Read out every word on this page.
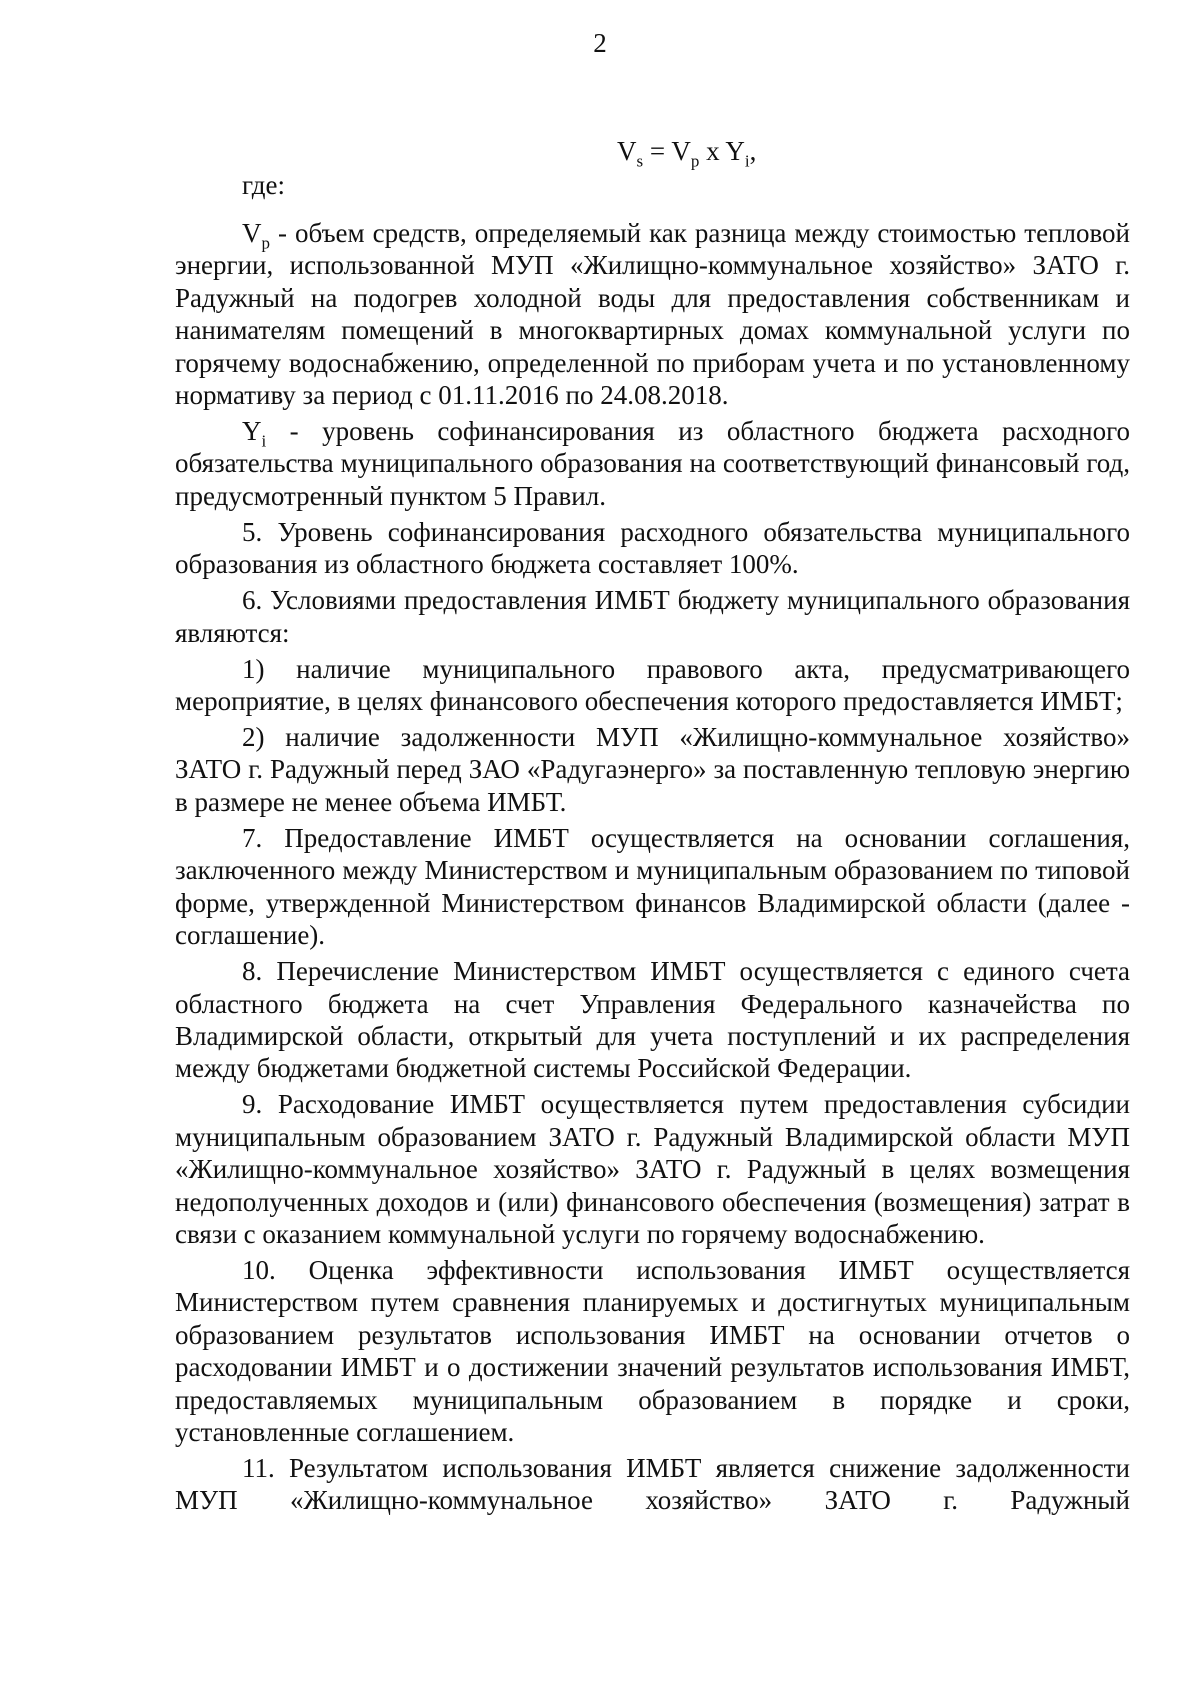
2
$V_s = V_p$ x $Y_i$,
где:

$V_p$ - объем средств, определяемый как разница между стоимостью тепловой энергии, использованной МУП «Жилищно-коммунальное хозяйство» ЗАТО г. Радужный на подогрев холодной воды для предоставления собственникам и нанимателям помещений в многоквартирных домах коммунальной услуги по горячему водоснабжению, определенной по приборам учета и по установленному нормативу за период с 01.11.2016 по 24.08.2018.

$Y_i$ - уровень софинансирования из областного бюджета расходного обязательства муниципального образования на соответствующий финансовый год, предусмотренный пунктом 5 Правил.

5. Уровень софинансирования расходного обязательства муниципального образования из областного бюджета составляет 100%.

6. Условиями предоставления ИМБТ бюджету муниципального образования являются:

1) наличие муниципального правового акта, предусматривающего мероприятие, в целях финансового обеспечения которого предоставляется ИМБТ;

2) наличие задолженности МУП «Жилищно-коммунальное хозяйство» ЗАТО г. Радужный перед ЗАО «Радугаэнерго» за поставленную тепловую энергию в размере не менее объема ИМБТ.

7. Предоставление ИМБТ осуществляется на основании соглашения, заключенного между Министерством и муниципальным образованием по типовой форме, утвержденной Министерством финансов Владимирской области (далее - соглашение).

8. Перечисление Министерством ИМБТ осуществляется с единого счета областного бюджета на счет Управления Федерального казначейства по Владимирской области, открытый для учета поступлений и их распределения между бюджетами бюджетной системы Российской Федерации.

9. Расходование ИМБТ осуществляется путем предоставления субсидии муниципальным образованием ЗАТО г. Радужный Владимирской области МУП «Жилищно-коммунальное хозяйство» ЗАТО г. Радужный в целях возмещения недополученных доходов и (или) финансового обеспечения (возмещения) затрат в связи с оказанием коммунальной услуги по горячему водоснабжению.

10. Оценка эффективности использования ИМБТ осуществляется Министерством путем сравнения планируемых и достигнутых муниципальным образованием результатов использования ИМБТ на основании отчетов о расходовании ИМБТ и о достижении значений результатов использования ИМБТ, предоставляемых муниципальным образованием в порядке и сроки, установленные соглашением.

11. Результатом использования ИМБТ является снижение задолженности МУП «Жилищно-коммунальное хозяйство» ЗАТО г. Радужный
